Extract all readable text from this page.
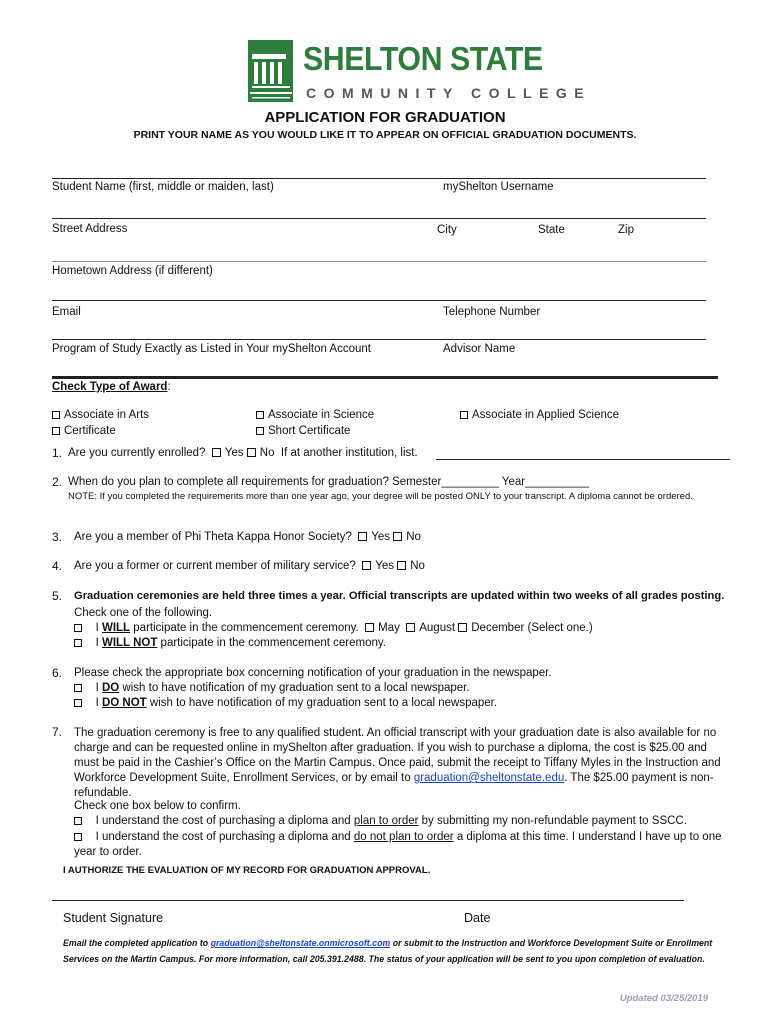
SHELTON STATE
COMMUNITY COLLEGE
APPLICATION FOR GRADUATION
PRINT YOUR NAME AS YOU WOULD LIKE IT TO APPEAR ON OFFICIAL GRADUATION DOCUMENTS.
Student Name (first, middle or maiden, last)	myShelton Username
Street Address	City	State	Zip
Hometown Address (if different)
Email	Telephone Number
Program of Study Exactly as Listed in Your myShelton Account	Advisor Name
Check Type of Award:
Associate in Arts	Associate in Science	Associate in Applied Science
Certificate	Short Certificate
1. Are you currently enrolled? Yes No If at another institution, list.
2. When do you plan to complete all requirements for graduation? Semester_________ Year__________
NOTE: If you completed the requirements more than one year ago, your degree will be posted ONLY to your transcript. A diploma cannot be ordered.
3. Are you a member of Phi Theta Kappa Honor Society? Yes No
4. Are you a former or current member of military service? Yes No
5. Graduation ceremonies are held three times a year. Official transcripts are updated within two weeks of all grades posting.
Check one of the following.
I WILL participate in the commencement ceremony. May August December (Select one.)
I WILL NOT participate in the commencement ceremony.
6. Please check the appropriate box concerning notification of your graduation in the newspaper.
I DO wish to have notification of my graduation sent to a local newspaper.
I DO NOT wish to have notification of my graduation sent to a local newspaper.
7. The graduation ceremony is free to any qualified student. An official transcript with your graduation date is also available for no charge and can be requested online in myShelton after graduation. If you wish to purchase a diploma, the cost is $25.00 and must be paid in the Cashier’s Office on the Martin Campus. Once paid, submit the receipt to Tiffany Myles in the Instruction and Workforce Development Suite, Enrollment Services, or by email to graduation@sheltonstate.edu. The $25.00 payment is non-refundable.
Check one box below to confirm.
I understand the cost of purchasing a diploma and plan to order by submitting my non-refundable payment to SSCC.
I understand the cost of purchasing a diploma and do not plan to order a diploma at this time. I understand I have up to one year to order.
I AUTHORIZE THE EVALUATION OF MY RECORD FOR GRADUATION APPROVAL.
Student Signature	Date
Email the completed application to graduation@sheltonstate.onmicrosoft.com or submit to the Instruction and Workforce Development Suite or Enrollment Services on the Martin Campus. For more information, call 205.391.2488. The status of your application will be sent to you upon completion of evaluation.
Updated 03/25/2019
